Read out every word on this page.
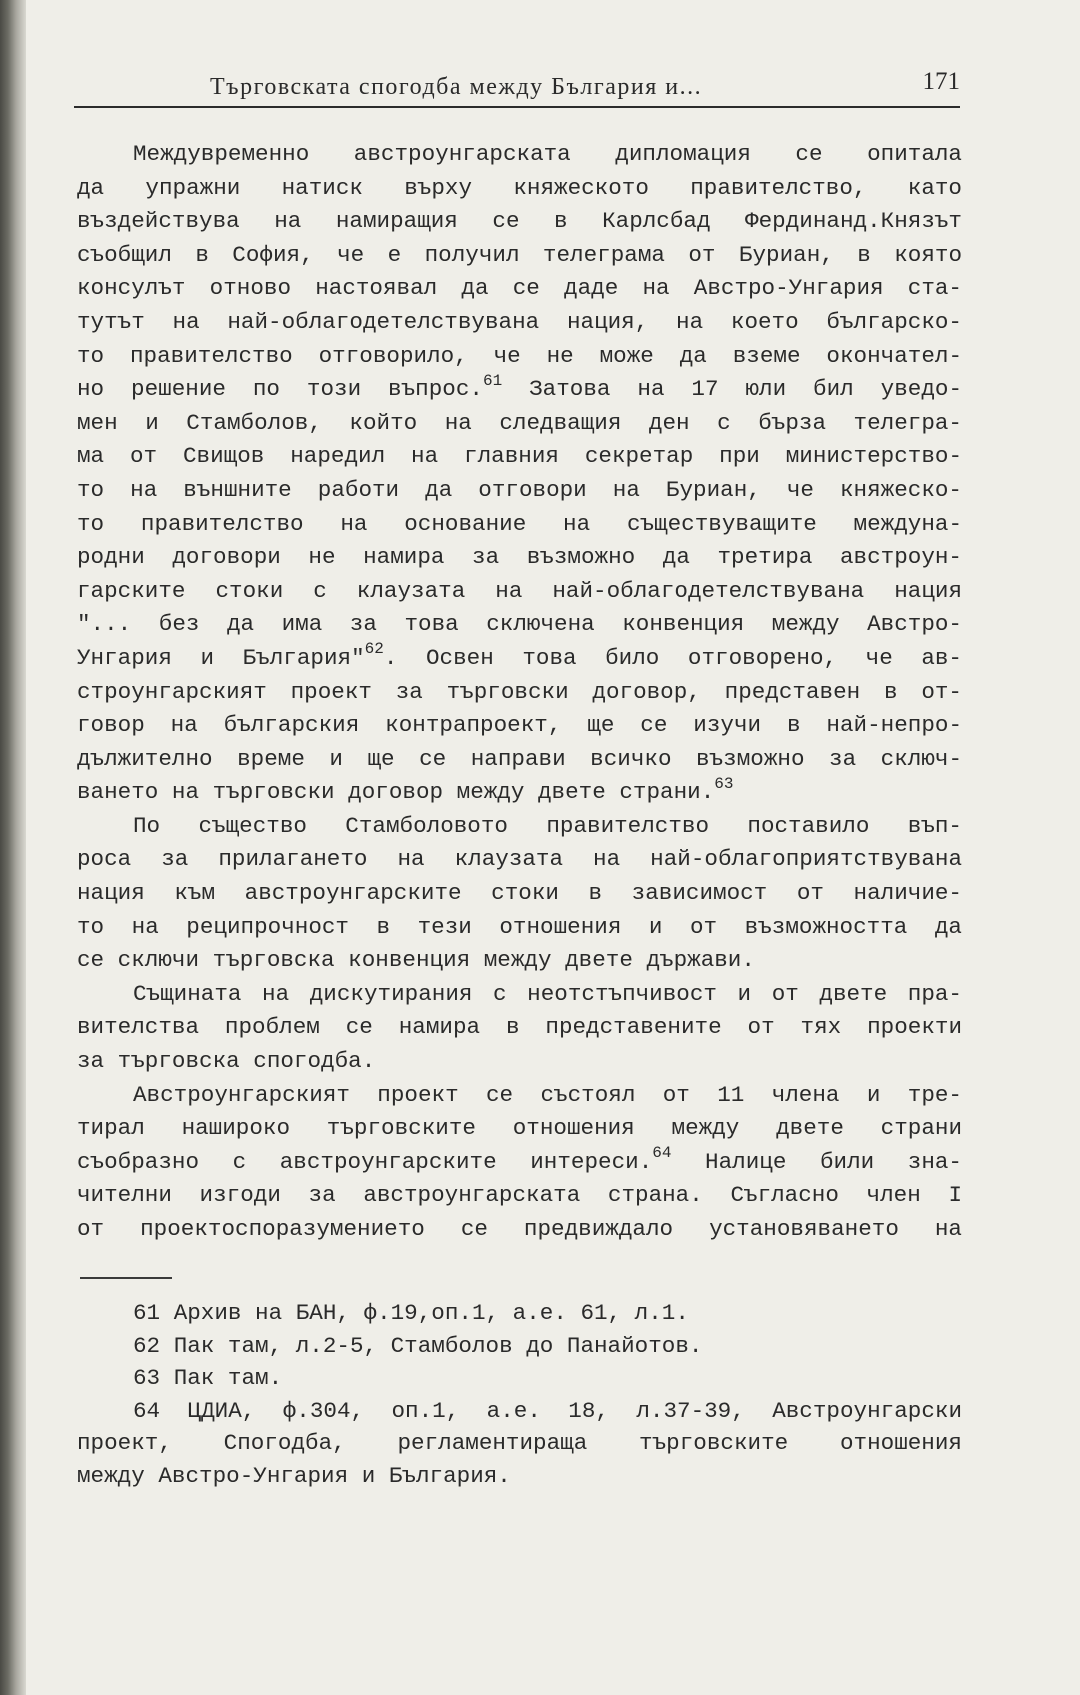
Търговската спогодба между България и...	171
Междувременно австроунгарската дипломация се опитала
да упражни натиск върху княжеското правителство, като
въздействува на намиращия се в Карлсбад Фердинанд.Князът
съобщил в София, че е получил телеграма от Буриан, в която
консулът отново настоявал да се даде на Австро-Унгария ста-
тутът на най-облагодетелствувана нация, на което българско-
то правителство отговорило, че не може да вземе окончател-
но решение по този въпрос.$^{61}$ Затова на 17 юли бил уведо-
мен и Стамболов, който на следващия ден с бърза телегра-
ма от Свищов наредил на главния секретар при министерство-
то на външните работи да отговори на Буриан, че княжеско-
то правителство на основание на съществуващите междуна-
родни договори не намира за възможно да третира австроун-
гарските стоки с клаузата на най-облагодетелствувана нация
"... без да има за това сключена конвенция между Австро-
Унгария и България"$^{62}$. Освен това било отговорено, че ав-
строунгарският проект за търговски договор, представен в от-
говор на българския контрапроект, ще се изучи в най-непро-
дължително време и ще се направи всичко възможно за сключ-
ването на търговски договор между двете страни.$^{63}$
По същество Стамболовото правителство поставило въп-
роса за прилагането на клаузата на най-облагоприятствувана
нация към австроунгарските стоки в зависимост от наличие-
то на реципрочност в тези отношения и от възможността да
се сключи търговска конвенция между двете държави.
Същината на дискутирания с неотстъпчивост и от двете пра-
вителства проблем се намира в представените от тях проекти
за търговска спогодба.
Австроунгарският проект се състоял от 11 члена и тре-
тирал нашироко търговските отношения между двете страни
съобразно с австроунгарските интереси.$^{64}$ Налице били зна-
чителни изгоди за австроунгарската страна. Съгласно член I
от проектоспоразумението се предвиждало установяването на
61 Архив на БАН, ф.19,оп.1, а.е. 61, л.1.
62 Пак там, л.2-5, Стамболов до Панайотов.
63 Пак там.
64 ЦДИА, ф.304, оп.1, а.е. 18, л.37-39, Австроунгарски
проект, Спогодба, регламентираща търговските отношения
между Австро-Унгария и България.
